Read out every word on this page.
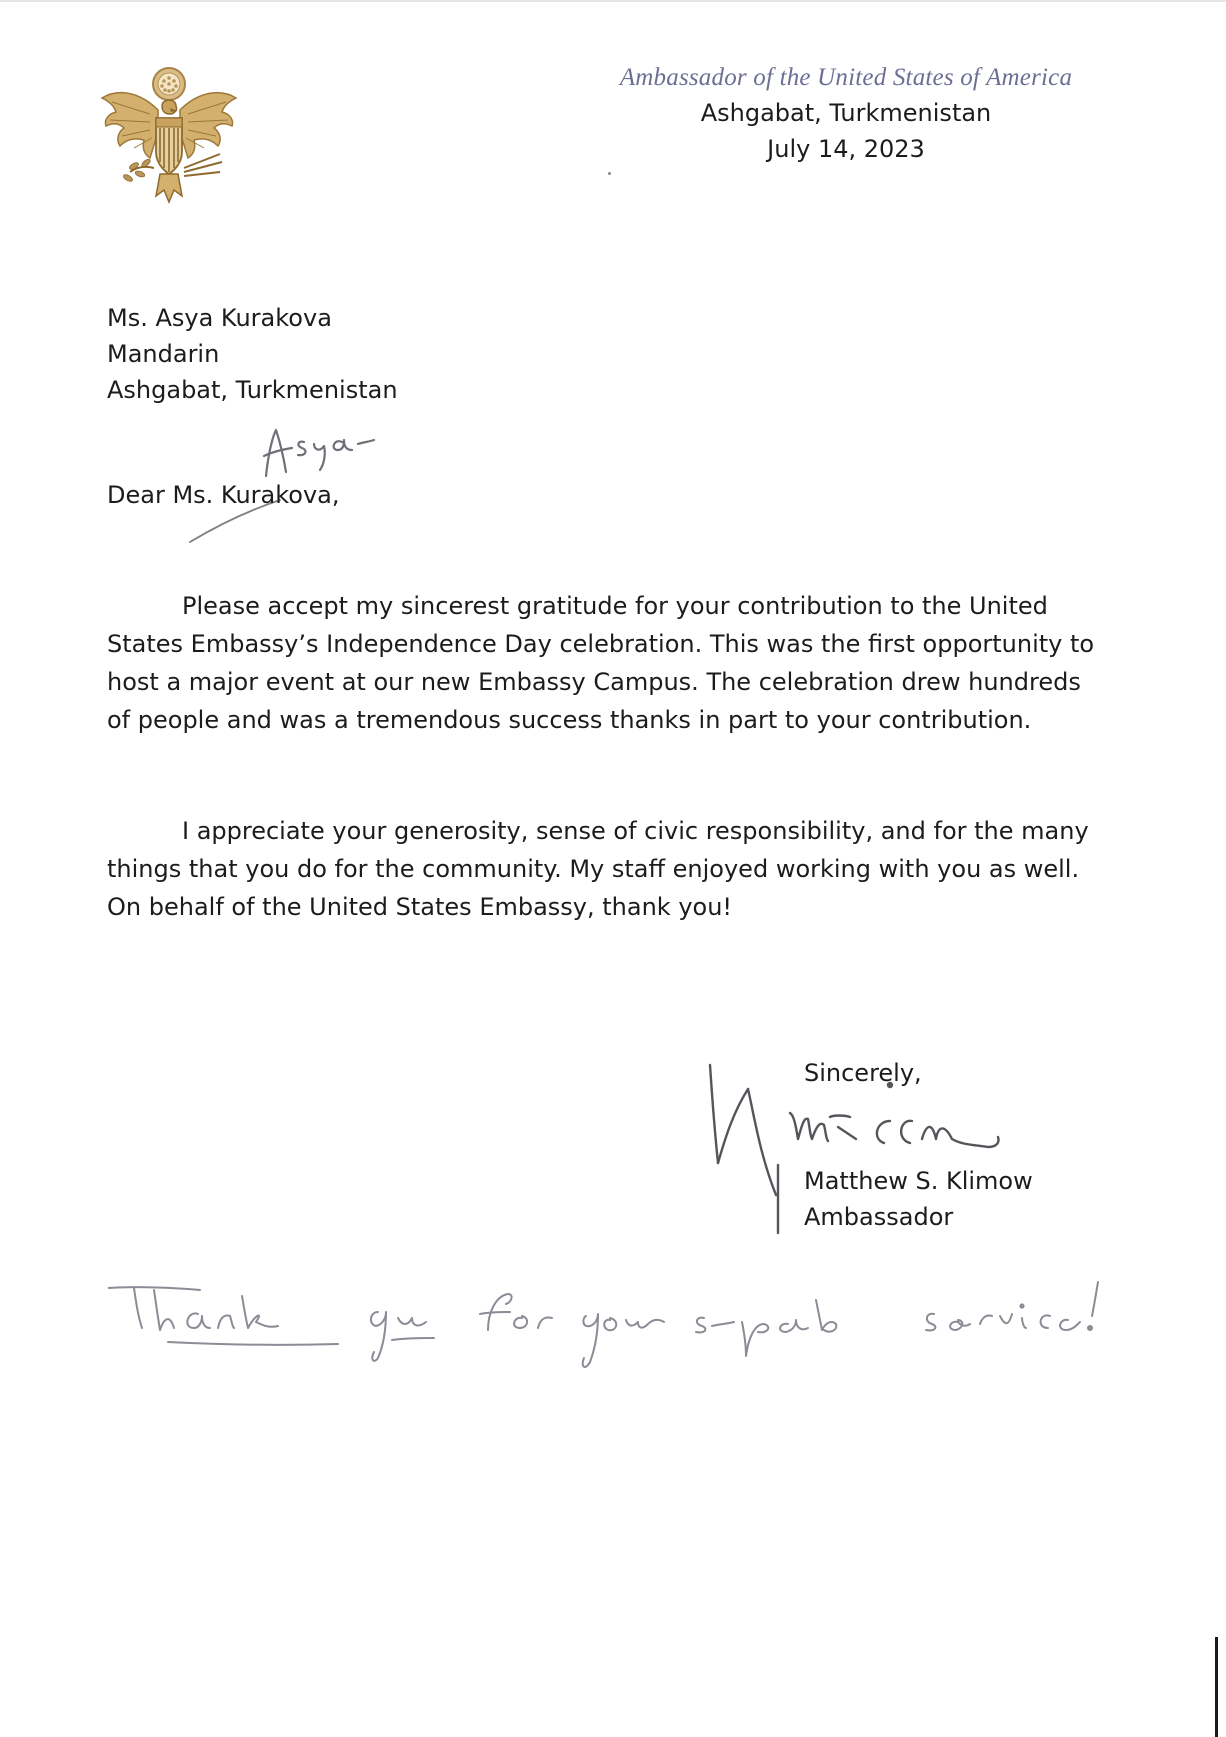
Ambassador of the United States of America
Ashgabat, Turkmenistan
July 14, 2023
Ms. Asya Kurakova
Mandarin
Ashgabat, Turkmenistan
Dear Ms. Kurakova,
Please accept my sincerest gratitude for your contribution to the United States Embassy’s Independence Day celebration. This was the first opportunity to host a major event at our new Embassy Campus. The celebration drew hundreds of people and was a tremendous success thanks in part to your contribution.
I appreciate your generosity, sense of civic responsibility, and for the many things that you do for the community. My staff enjoyed working with you as well. On behalf of the United States Embassy, thank you!
Sincerely,
Matthew S. Klimow
Ambassador
